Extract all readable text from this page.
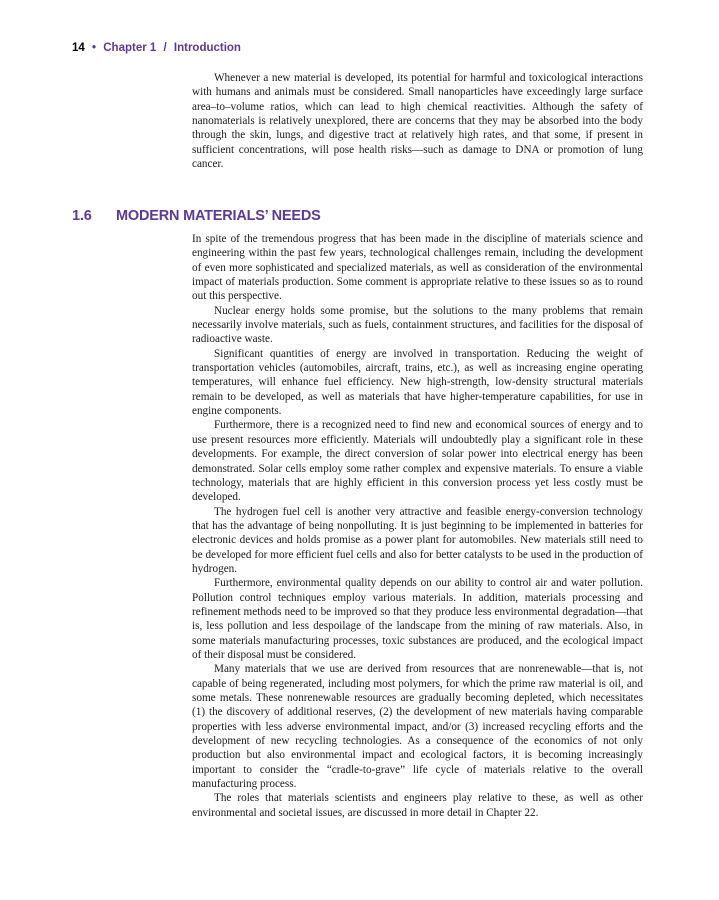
14 • Chapter 1 / Introduction

Whenever a new material is developed, its potential for harmful and toxicological interactions with humans and animals must be considered. Small nanoparticles have exceedingly large surface area–to–volume ratios, which can lead to high chemical reactivities. Although the safety of nanomaterials is relatively unexplored, there are concerns that they may be absorbed into the body through the skin, lungs, and digestive tract at relatively high rates, and that some, if present in sufficient concentrations, will pose health risks—such as damage to DNA or promotion of lung cancer.

1.6 MODERN MATERIALS’ NEEDS

In spite of the tremendous progress that has been made in the discipline of materials science and engineering within the past few years, technological challenges remain, including the development of even more sophisticated and specialized materials, as well as consideration of the environmental impact of materials production. Some comment is appropriate relative to these issues so as to round out this perspective.

Nuclear energy holds some promise, but the solutions to the many problems that remain necessarily involve materials, such as fuels, containment structures, and facilities for the disposal of radioactive waste.

Significant quantities of energy are involved in transportation. Reducing the weight of transportation vehicles (automobiles, aircraft, trains, etc.), as well as increasing engine operating temperatures, will enhance fuel efficiency. New high-strength, low-density structural materials remain to be developed, as well as materials that have higher-temperature capabilities, for use in engine components.

Furthermore, there is a recognized need to find new and economical sources of energy and to use present resources more efficiently. Materials will undoubtedly play a significant role in these developments. For example, the direct conversion of solar power into electrical energy has been demonstrated. Solar cells employ some rather complex and expensive materials. To ensure a viable technology, materials that are highly efficient in this conversion process yet less costly must be developed.

The hydrogen fuel cell is another very attractive and feasible energy-conversion technology that has the advantage of being nonpolluting. It is just beginning to be implemented in batteries for electronic devices and holds promise as a power plant for automobiles. New materials still need to be developed for more efficient fuel cells and also for better catalysts to be used in the production of hydrogen.

Furthermore, environmental quality depends on our ability to control air and water pollution. Pollution control techniques employ various materials. In addition, materials processing and refinement methods need to be improved so that they produce less environmental degradation—that is, less pollution and less despoilage of the landscape from the mining of raw materials. Also, in some materials manufacturing processes, toxic substances are produced, and the ecological impact of their disposal must be considered.

Many materials that we use are derived from resources that are nonrenewable—that is, not capable of being regenerated, including most polymers, for which the prime raw material is oil, and some metals. These nonrenewable resources are gradually becoming depleted, which necessitates (1) the discovery of additional reserves, (2) the development of new materials having comparable properties with less adverse environmental impact, and/or (3) increased recycling efforts and the development of new recycling technologies. As a consequence of the economics of not only production but also environmental impact and ecological factors, it is becoming increasingly important to consider the “cradle-to-grave” life cycle of materials relative to the overall manufacturing process.

The roles that materials scientists and engineers play relative to these, as well as other environmental and societal issues, are discussed in more detail in Chapter 22.
